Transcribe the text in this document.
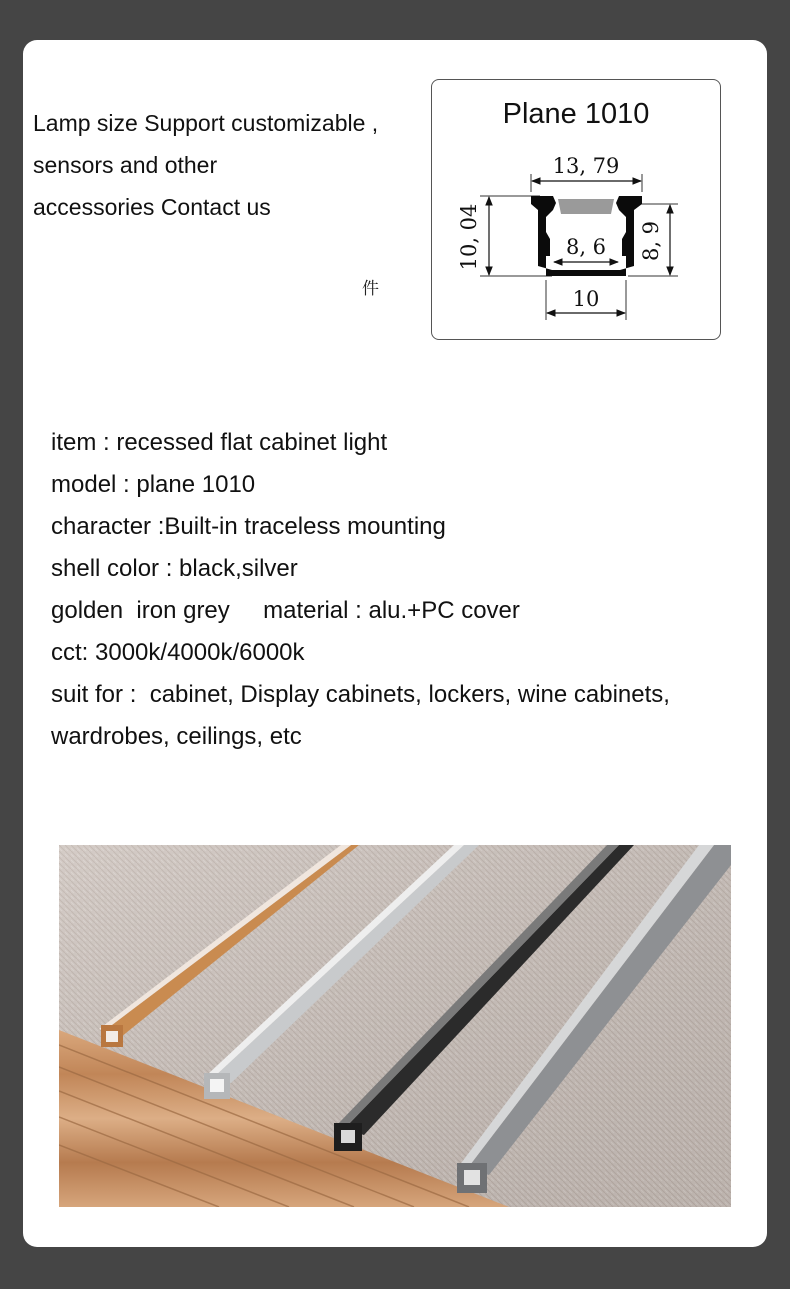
Lamp size Support customizable ,
sensors and other
accessories Contact us
件
Plane 1010
13, 79
8, 6
10
10, 04	8, 9
item : recessed flat cabinet light
model : plane 1010
character :Built-in traceless mounting
shell color : black,silver
golden  iron grey     material : alu.+PC cover
cct: 3000k/4000k/6000k
suit for :  cabinet, Display cabinets, lockers, wine cabinets,
wardrobes, ceilings, etc
